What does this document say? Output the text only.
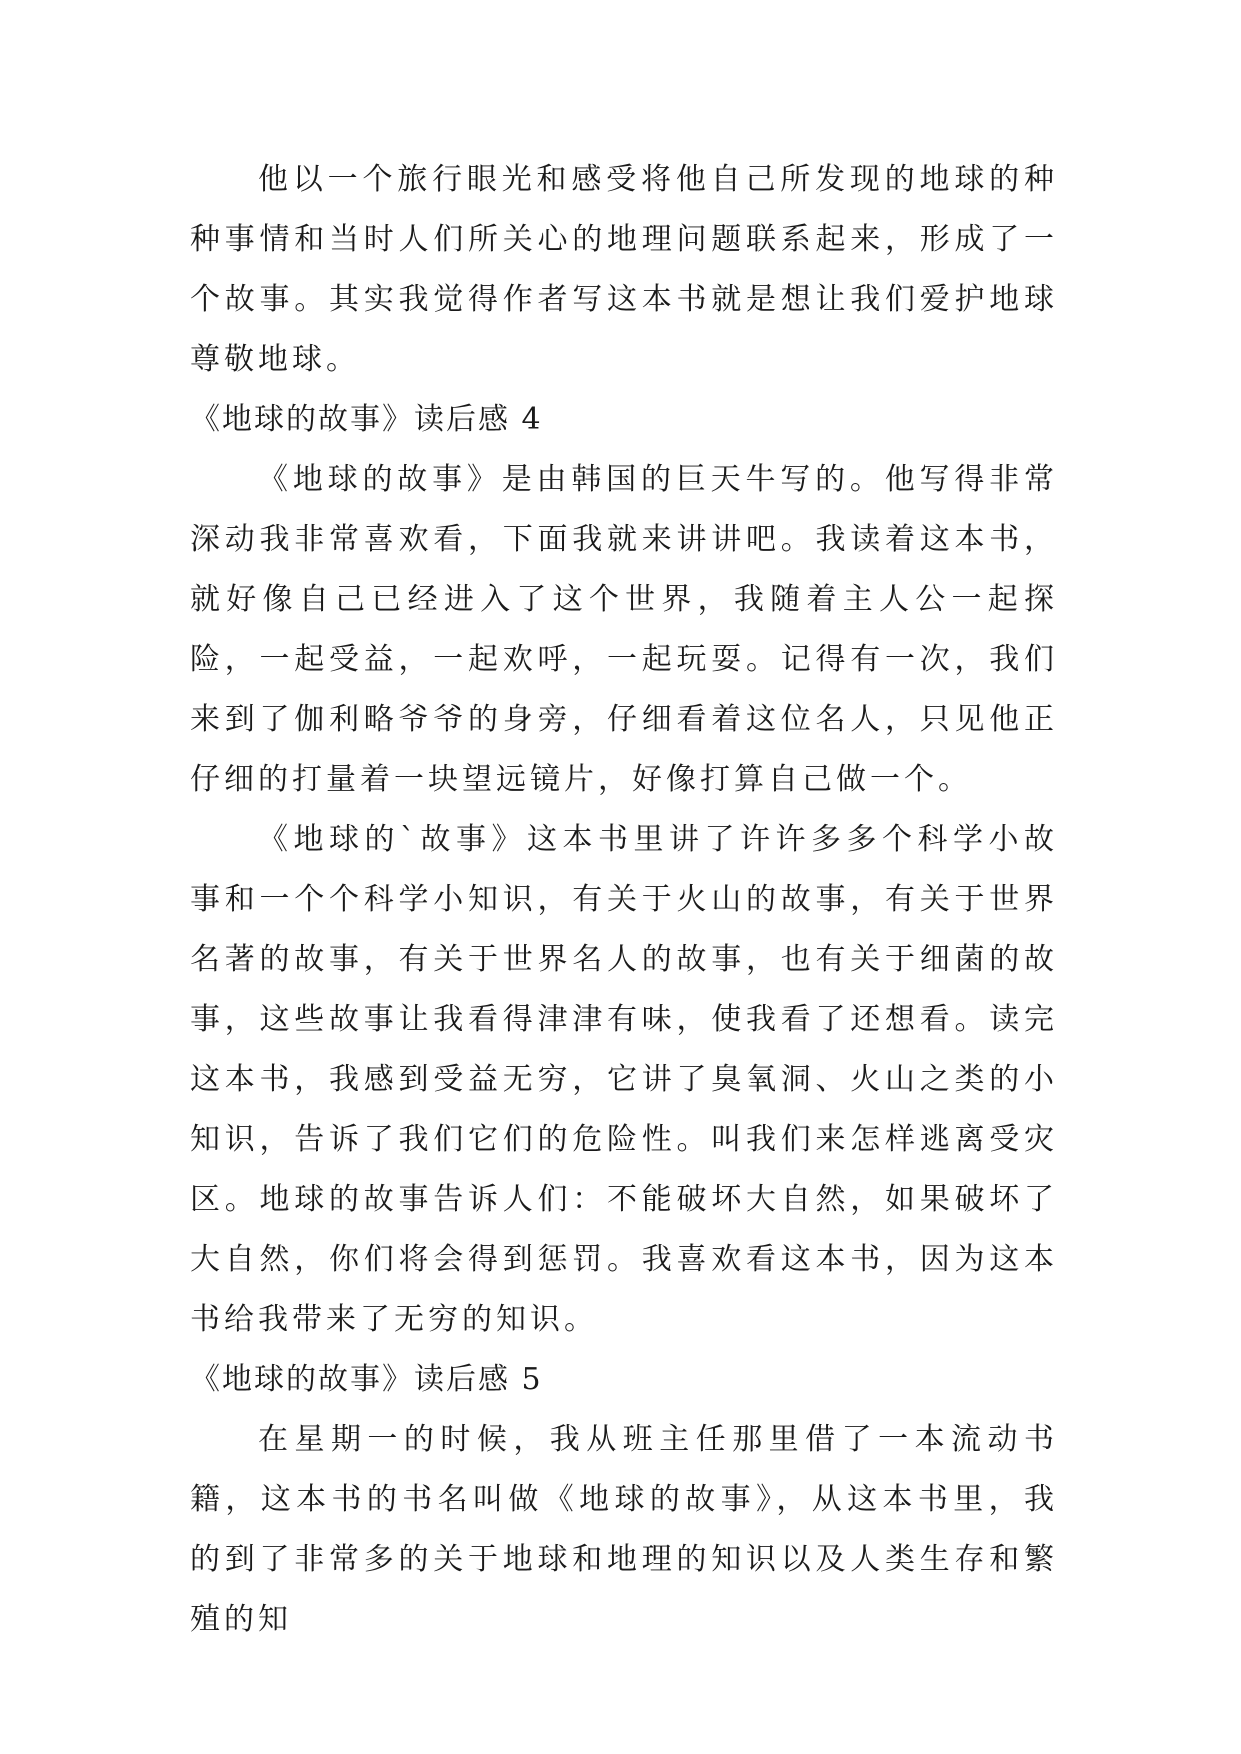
他以一个旅行眼光和感受将他自己所发现的地球的种种事情和当时人们所关心的地理问题联系起来，形成了一个故事。其实我觉得作者写这本书就是想让我们爱护地球尊敬地球。

《地球的故事》读后感 4

《地球的故事》是由韩国的巨天牛写的。他写得非常深动我非常喜欢看，下面我就来讲讲吧。我读着这本书，就好像自己已经进入了这个世界，我随着主人公一起探险，一起受益，一起欢呼，一起玩耍。记得有一次，我们来到了伽利略爷爷的身旁，仔细看着这位名人，只见他正仔细的打量着一块望远镜片，好像打算自己做一个。

《地球的`故事》这本书里讲了许许多多个科学小故事和一个个科学小知识，有关于火山的故事，有关于世界名著的故事，有关于世界名人的故事，也有关于细菌的故事，这些故事让我看得津津有味，使我看了还想看。读完这本书，我感到受益无穷，它讲了臭氧洞、火山之类的小知识，告诉了我们它们的危险性。叫我们来怎样逃离受灾区。地球的故事告诉人们：不能破坏大自然，如果破坏了大自然，你们将会得到惩罚。我喜欢看这本书，因为这本书给我带来了无穷的知识。

《地球的故事》读后感 5

在星期一的时候，我从班主任那里借了一本流动书籍，这本书的书名叫做《地球的故事》，从这本书里，我的到了非常多的关于地球和地理的知识以及人类生存和繁殖的知
